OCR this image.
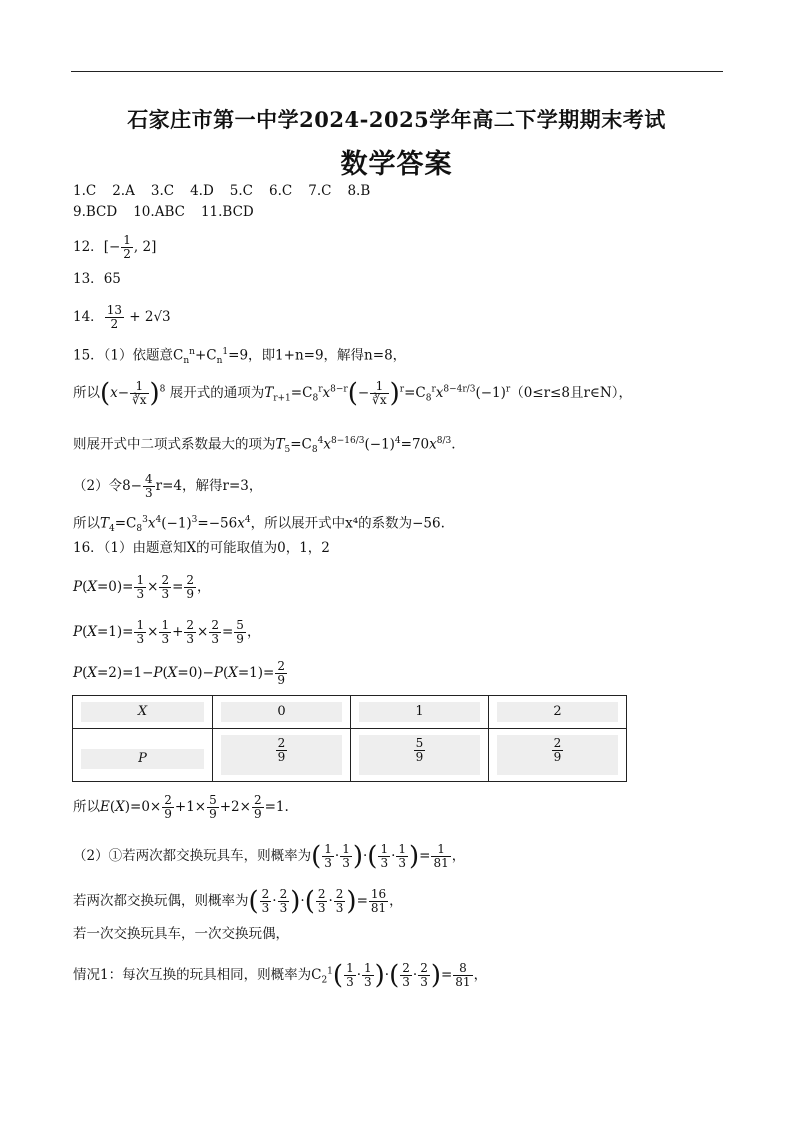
石家庄市第一中学2024-2025学年高二下学期期末考试
数学答案
1.C 2.A 3.C 4.D 5.C 6.C 7.C 8.B
9.BCD 10.ABC 11.BCD
12．[− $\frac{1}{2}$ , 2]
13．65
14． $\frac{13}{2} + 2√3$
15．（1）依题意$C_n^n+C_n^1=9$，即1+n=9，解得n=8，
所以$(x- \frac{1}{∛x} )^8$ 展开式的通项为$T_{r+1}=C_8^rx^{8-r}(- \frac{1}{∛x} )^r=C_8^rx^{8-4r/3}(-1)^r(0\le r\le 8$且r∈N），
则展开式中二项式系数最大的项为$T_5=C_8^4x^{8-16/3}(-1)^4=70x^{8/3}$.
（2）令$8- \frac{4}{3} r=4$，解得r=3，
所以$T_4=C_8^3x^4(-1)^3=-56x^4$，所以展开式中x⁴的系数为−56.
16．（1）由题意知X的可能取值为0，1，2
$P(X=0)= \frac{1}{3} \times \frac{2}{3} = \frac{2}{9}$ ，
$P(X=1)= \frac{1}{3} \times \frac{1}{3} + \frac{2}{3} \times \frac{2}{3} = \frac{5}{9}$ ，
$P(X=2)=1-P(X=0)-P(X=1)= \frac{2}{9}$
X	0	1	2

P	$\frac{2}{9}$	$\frac{5}{9}$	$\frac{2}{9}$
所以$E(X)=0\times \frac{2}{9} +1\times \frac{5}{9} +2\times \frac{2}{9} =1$.
（2）①若两次都交换玩具车，则概率为( $\frac{1}{3} \cdot \frac{1}{3}$ )·( $\frac{1}{3} \cdot \frac{1}{3}$ )= $\frac{1}{81}$ ，
若两次都交换玩偶，则概率为( $\frac{2}{3} \cdot \frac{2}{3}$ )·( $\frac{2}{3} \cdot \frac{2}{3}$ )= $\frac{16}{81}$ ，
若一次交换玩具车，一次交换玩偶，
情况1：每次互换的玩具相同，则概率为$C_2^1( \frac{1}{3} \cdot \frac{1}{3}$ )·( $\frac{2}{3} \cdot \frac{2}{3}$ )= $\frac{8}{81}$ ，
